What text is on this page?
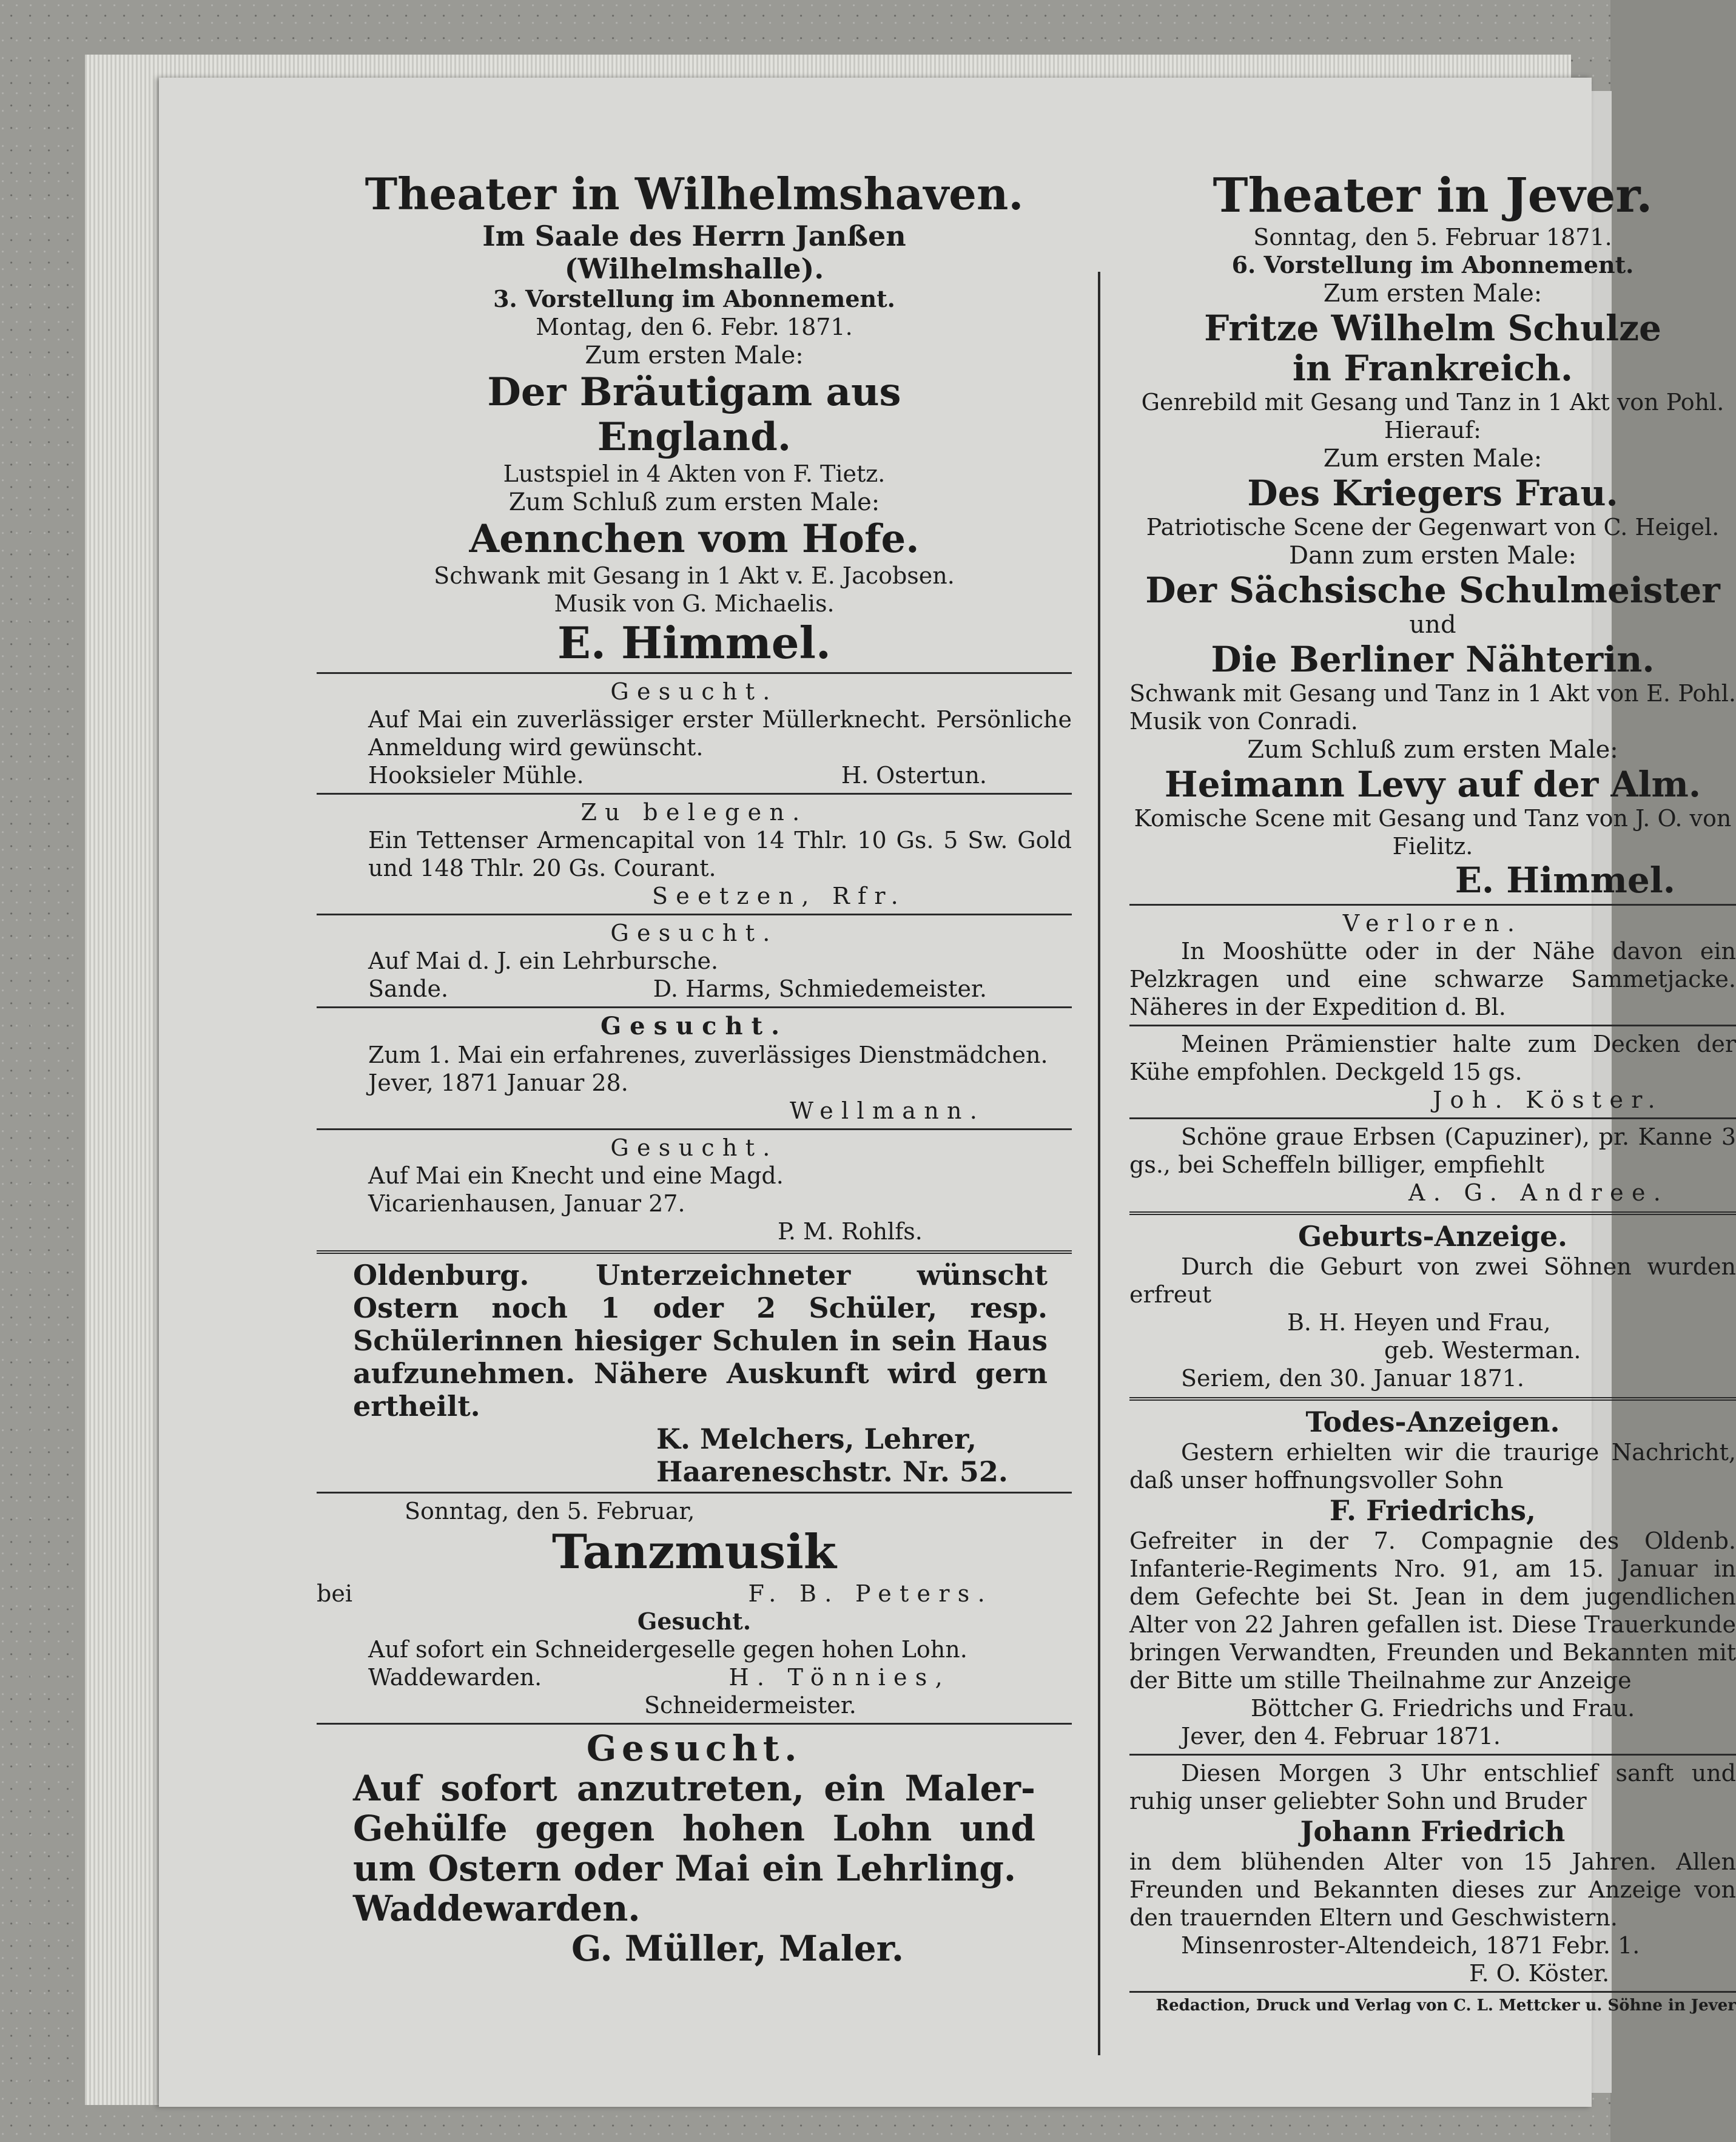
Theater in Wilhelmshaven.

Im Saale des Herrn Janßen

(Wilhelmshalle).

3. Vorstellung im Abonnement.

Montag, den 6. Febr. 1871.

Zum ersten Male:

Der Bräutigam aus

England.

Lustspiel in 4 Akten von F. Tietz.

Zum Schluß zum ersten Male:

Aennchen vom Hofe.

Schwank mit Gesang in 1 Akt v. E. Jacobsen.

Musik von G. Michaelis.

E. Himmel.

Gesucht.

Auf Mai ein zuverlässiger erster Müllerknecht. Persönliche Anmeldung wird gewünscht.

Hooksieler Mühle.	H. Ostertun.

Zu belegen.

Ein Tettenser Armencapital von 14 Thlr. 10 Gs. 5 Sw. Gold und 148 Thlr. 20 Gs. Courant.

Seetzen, Rfr.

Gesucht.

Auf Mai d. J. ein Lehrbursche.

Sande.	D. Harms, Schmiedemeister.

Gesucht.

Zum 1. Mai ein erfahrenes, zuverlässiges Dienstmädchen.

Jever, 1871 Januar 28.

Wellmann.

Gesucht.

Auf Mai ein Knecht und eine Magd.

Vicarienhausen, Januar 27.

P. M. Rohlfs.

Oldenburg. Unterzeichneter wünscht Ostern noch 1 oder 2 Schüler, resp. Schülerinnen hiesiger Schulen in sein Haus aufzunehmen. Nähere Auskunft wird gern ertheilt.

K. Melchers, Lehrer,

Haareneschstr. Nr. 52.

Sonntag, den 5. Februar,

Tanzmusik

bei	F. B. Peters.

Gesucht.

Auf sofort ein Schneidergeselle gegen hohen Lohn.

Waddewarden.	H. Tönnies,

Schneidermeister.

Gesucht.

Auf sofort anzutreten, ein Maler-Gehülfe gegen hohen Lohn und um Ostern oder Mai ein Lehrling.

Waddewarden.

G. Müller, Maler.

Theater in Jever.

Sonntag, den 5. Februar 1871.

6. Vorstellung im Abonnement.

Zum ersten Male:

Fritze Wilhelm Schulze

in Frankreich.

Genrebild mit Gesang und Tanz in 1 Akt von Pohl.

Hierauf:

Zum ersten Male:

Des Kriegers Frau.

Patriotische Scene der Gegenwart von C. Heigel.

Dann zum ersten Male:

Der Sächsische Schulmeister

und

Die Berliner Nähterin.

Schwank mit Gesang und Tanz in 1 Akt von E. Pohl. Musik von Conradi.

Zum Schluß zum ersten Male:

Heimann Levy auf der Alm.

Komische Scene mit Gesang und Tanz von J. O. von Fielitz.

E. Himmel.

Verloren.

In Mooshütte oder in der Nähe davon ein Pelzkragen und eine schwarze Sammetjacke. Näheres in der Expedition d. Bl.

Meinen Prämienstier halte zum Decken der Kühe empfohlen. Deckgeld 15 gs.

Joh. Köster.

Schöne graue Erbsen (Capuziner), pr. Kanne 3 gs., bei Scheffeln billiger, empfiehlt

A. G. Andree.

Geburts-Anzeige.

Durch die Geburt von zwei Söhnen wurden erfreut

B. H. Heyen und Frau,

geb. Westerman.

Seriem, den 30. Januar 1871.

Todes-Anzeigen.

Gestern erhielten wir die traurige Nachricht, daß unser hoffnungsvoller Sohn

F. Friedrichs,

Gefreiter in der 7. Compagnie des Oldenb. Infanterie-Regiments Nro. 91, am 15. Januar in dem Gefechte bei St. Jean in dem jugendlichen Alter von 22 Jahren gefallen ist. Diese Trauerkunde bringen Verwandten, Freunden und Bekannten mit der Bitte um stille Theilnahme zur Anzeige

Böttcher G. Friedrichs und Frau.

Jever, den 4. Februar 1871.

Diesen Morgen 3 Uhr entschlief sanft und ruhig unser geliebter Sohn und Bruder

Johann Friedrich

in dem blühenden Alter von 15 Jahren. Allen Freunden und Bekannten dieses zur Anzeige von den trauernden Eltern und Geschwistern.

Minsenroster-Altendeich, 1871 Febr. 1.

F. O. Köster.

Redaction, Druck und Verlag von C. L. Mettcker u. Söhne in Jever
